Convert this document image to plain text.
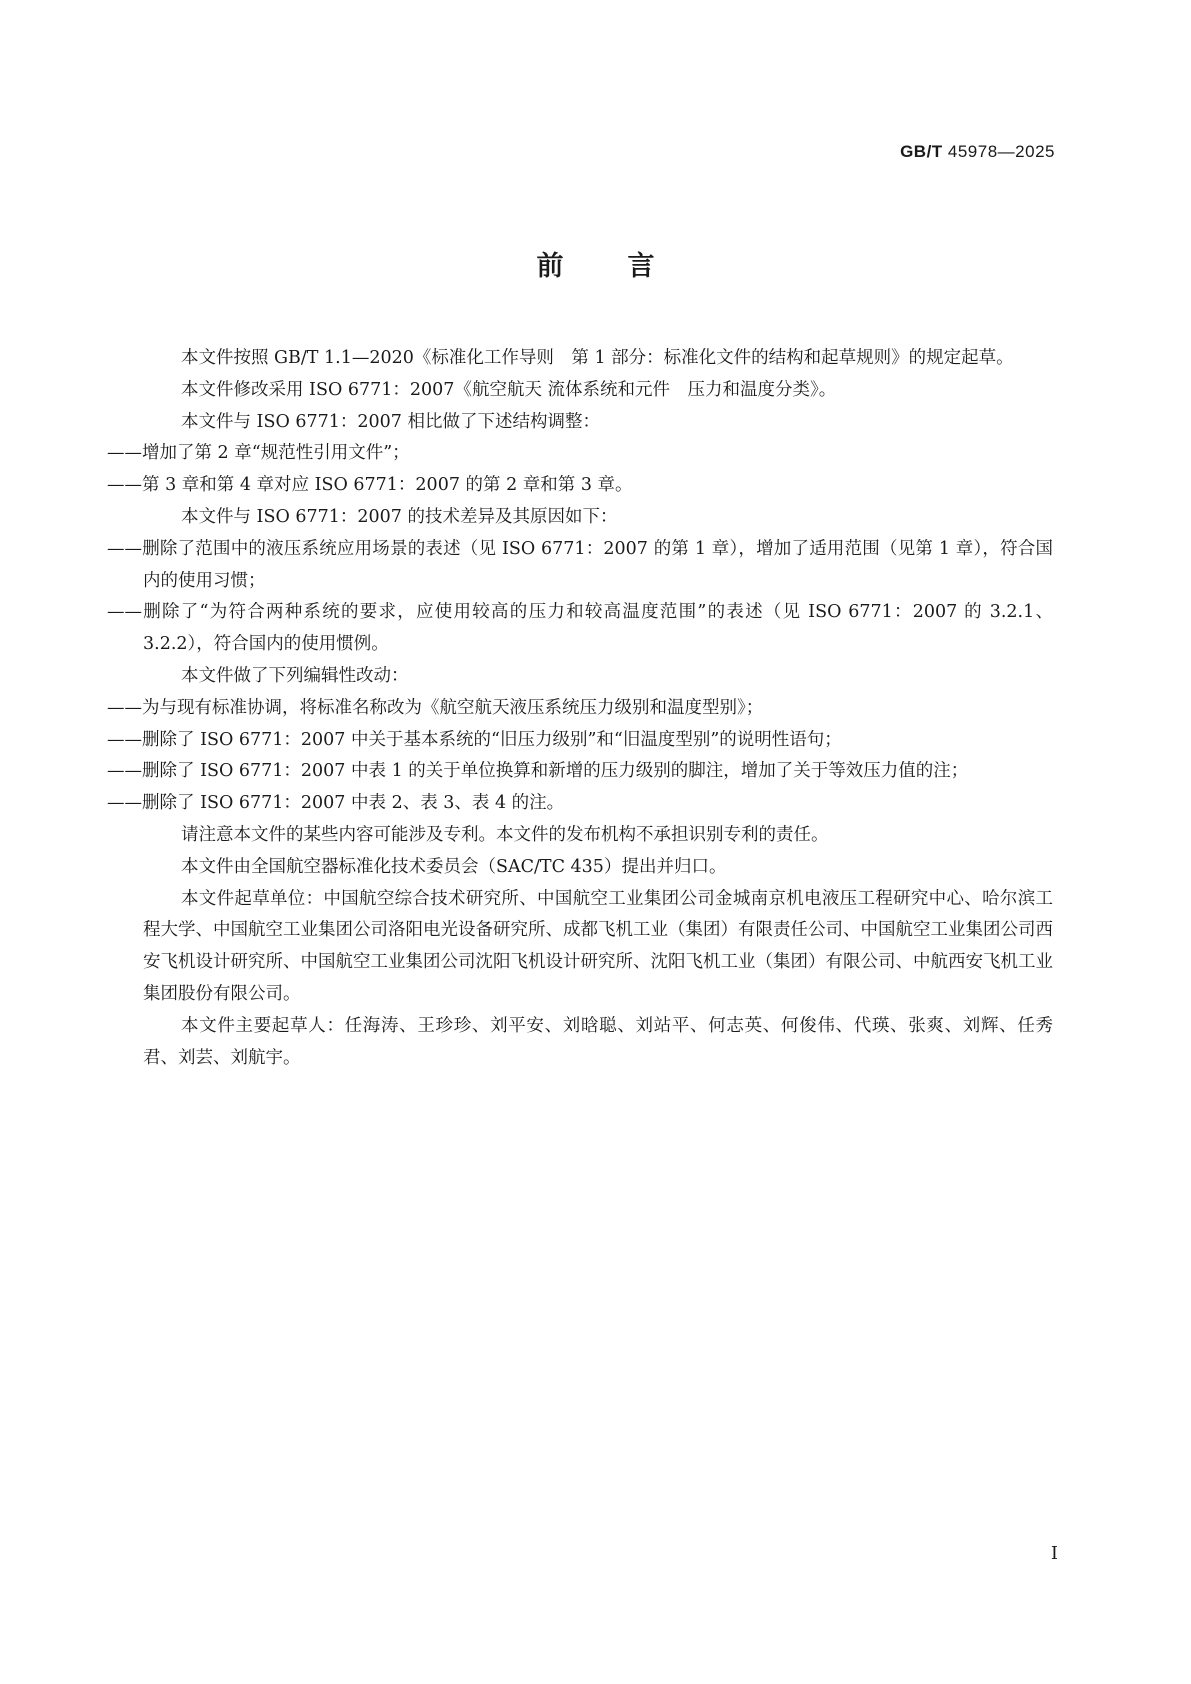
GB/T 45978—2025
前言

本文件按照 GB/T 1.1—2020《标准化工作导则　第 1 部分：标准化文件的结构和起草规则》的规定起草。

本文件修改采用 ISO 6771：2007《航空航天 流体系统和元件　压力和温度分类》。

本文件与 ISO 6771：2007 相比做了下述结构调整：

——增加了第 2 章“规范性引用文件”；

——第 3 章和第 4 章对应 ISO 6771：2007 的第 2 章和第 3 章。

本文件与 ISO 6771：2007 的技术差异及其原因如下：

——删除了范围中的液压系统应用场景的表述（见 ISO 6771：2007 的第 1 章），增加了适用范围（见第 1 章），符合国内的使用习惯；

——删除了“为符合两种系统的要求，应使用较高的压力和较高温度范围”的表述（见 ISO 6771：2007 的 3.2.1、3.2.2），符合国内的使用惯例。

本文件做了下列编辑性改动：

——为与现有标准协调，将标准名称改为《航空航天液压系统压力级别和温度型别》；

——删除了 ISO 6771：2007 中关于基本系统的“旧压力级别”和“旧温度型别”的说明性语句；

——删除了 ISO 6771：2007 中表 1 的关于单位换算和新增的压力级别的脚注，增加了关于等效压力值的注；

——删除了 ISO 6771：2007 中表 2、表 3、表 4 的注。

请注意本文件的某些内容可能涉及专利。本文件的发布机构不承担识别专利的责任。

本文件由全国航空器标准化技术委员会（SAC/TC 435）提出并归口。

本文件起草单位：中国航空综合技术研究所、中国航空工业集团公司金城南京机电液压工程研究中心、哈尔滨工程大学、中国航空工业集团公司洛阳电光设备研究所、成都飞机工业（集团）有限责任公司、中国航空工业集团公司西安飞机设计研究所、中国航空工业集团公司沈阳飞机设计研究所、沈阳飞机工业（集团）有限公司、中航西安飞机工业集团股份有限公司。

本文件主要起草人：任海涛、王珍珍、刘平安、刘晗聪、刘站平、何志英、何俊伟、代瑛、张爽、刘辉、任秀君、刘芸、刘航宇。

I
